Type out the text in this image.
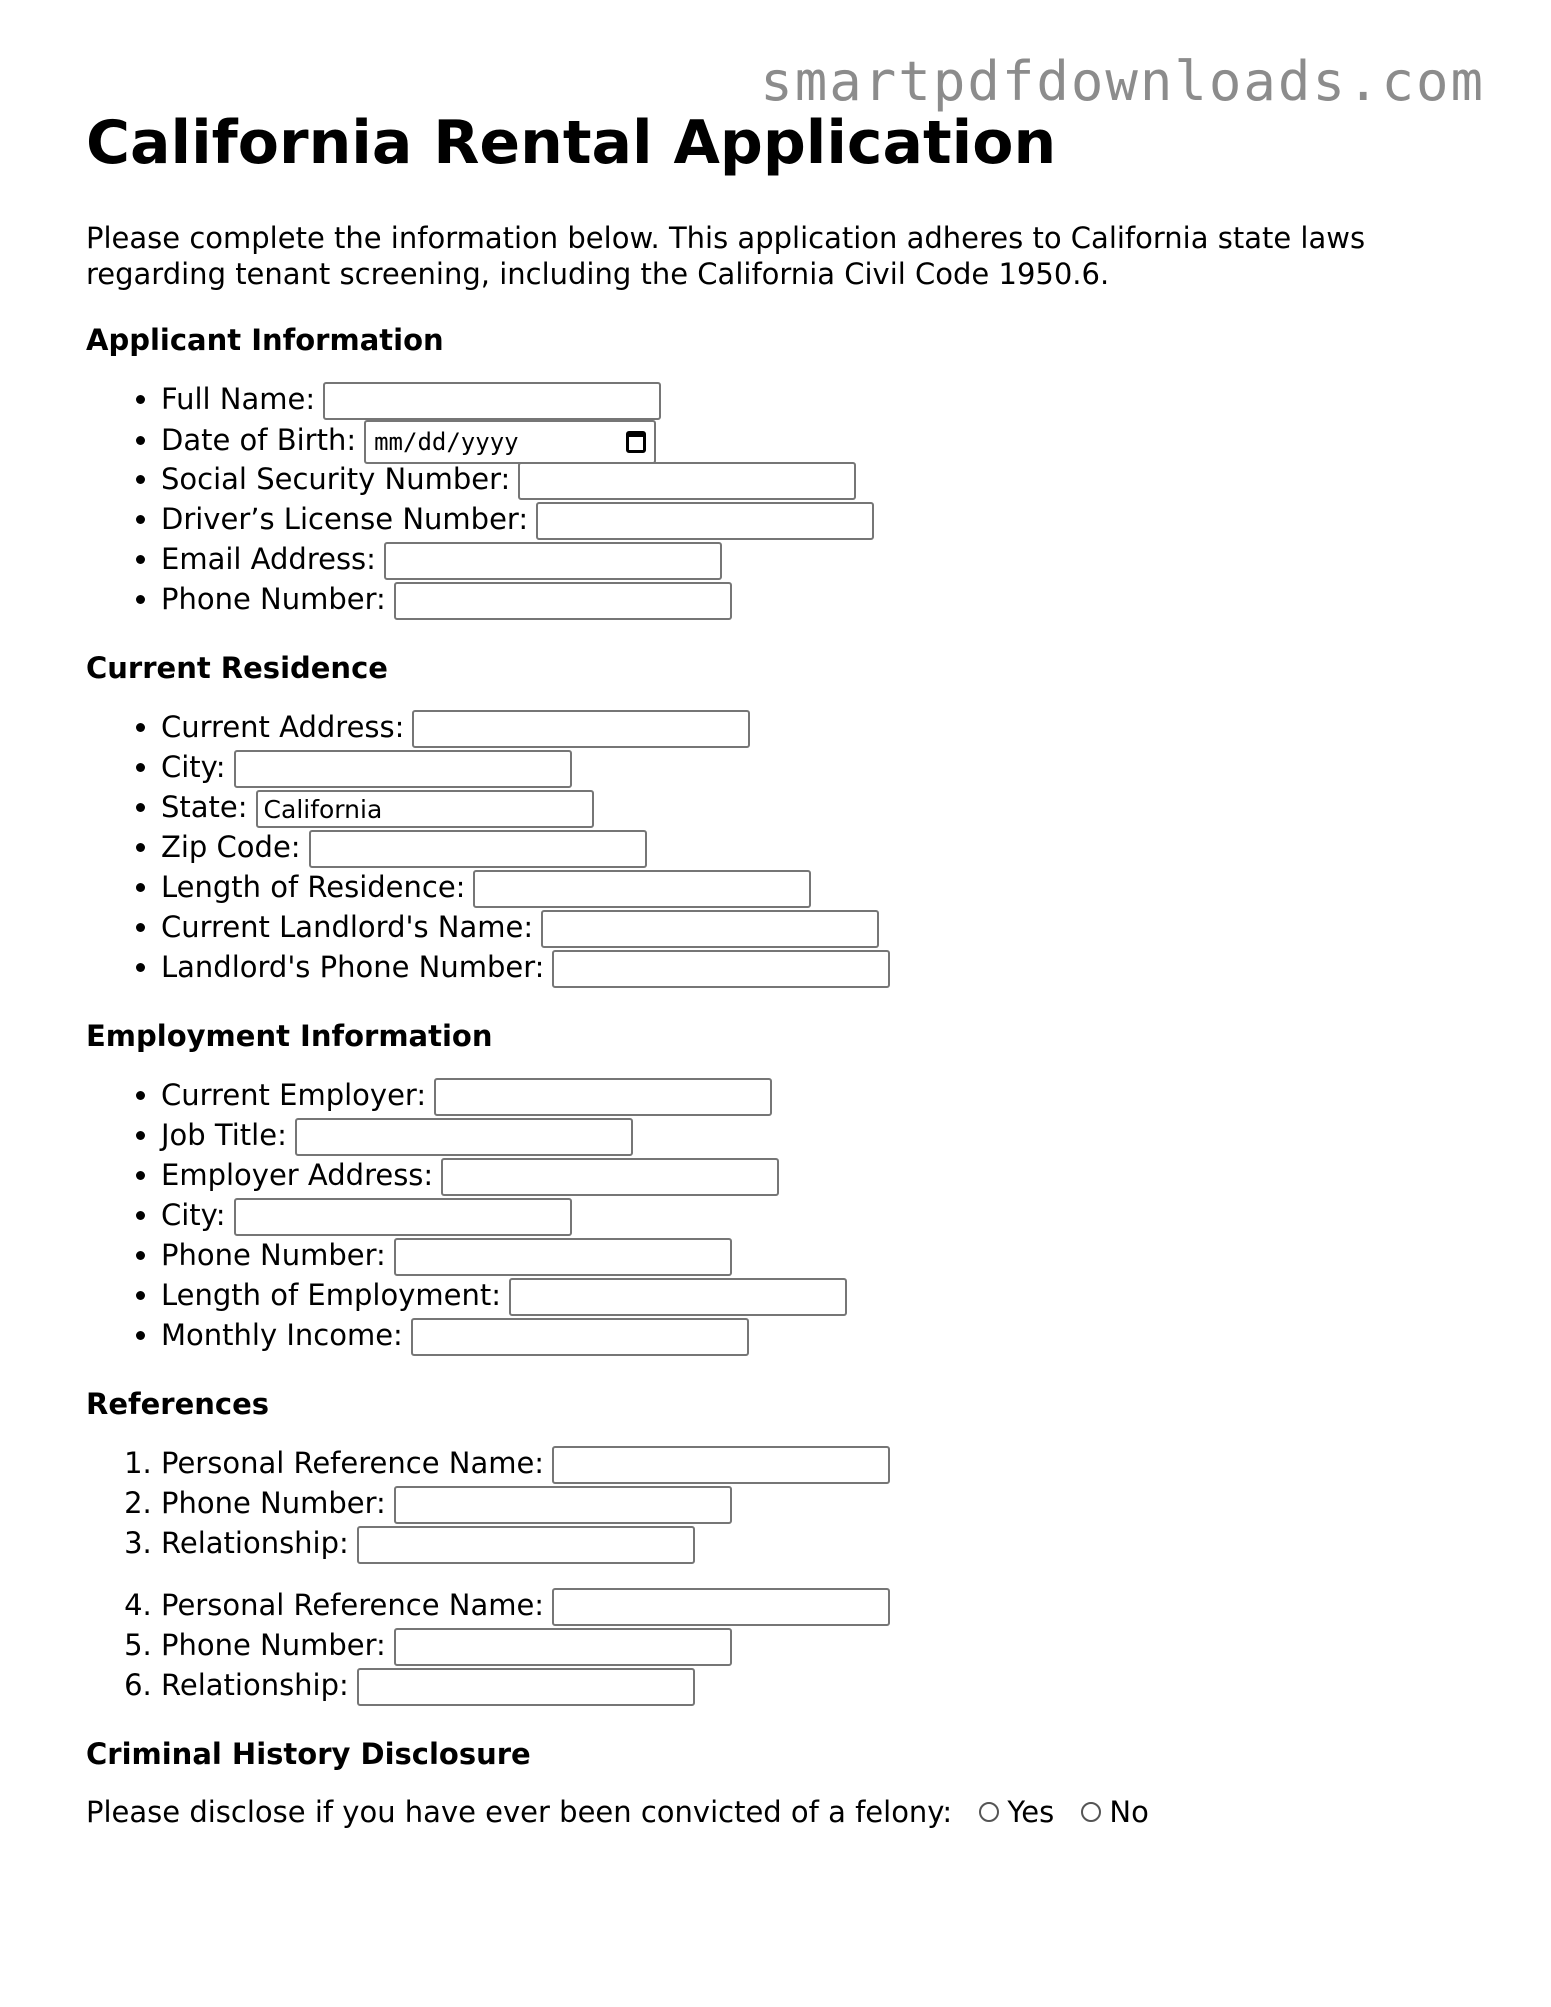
smartpdfdownloads.com
California Rental Application

Please complete the information below. This application adheres to California state laws regarding tenant screening, including the California Civil Code 1950.6.

Applicant Information
• Full Name:
• Date of Birth: mm/dd/yyyy
• Social Security Number:
• Driver’s License Number:
• Email Address:
• Phone Number:
Current Residence
• Current Address:
• City:
• State:California
• Zip Code:
• Length of Residence:
• Current Landlord's Name:
• Landlord's Phone Number:
Employment Information
• Current Employer:
• Job Title:
• Employer Address:
• City:
• Phone Number:
• Length of Employment:
• Monthly Income:
References
1. Personal Reference Name:
2. Phone Number:
3. Relationship:
4. Personal Reference Name:
5. Phone Number:
6. Relationship:
Criminal History Disclosure

Please disclose if you have ever been convicted of a felony: Yes No
